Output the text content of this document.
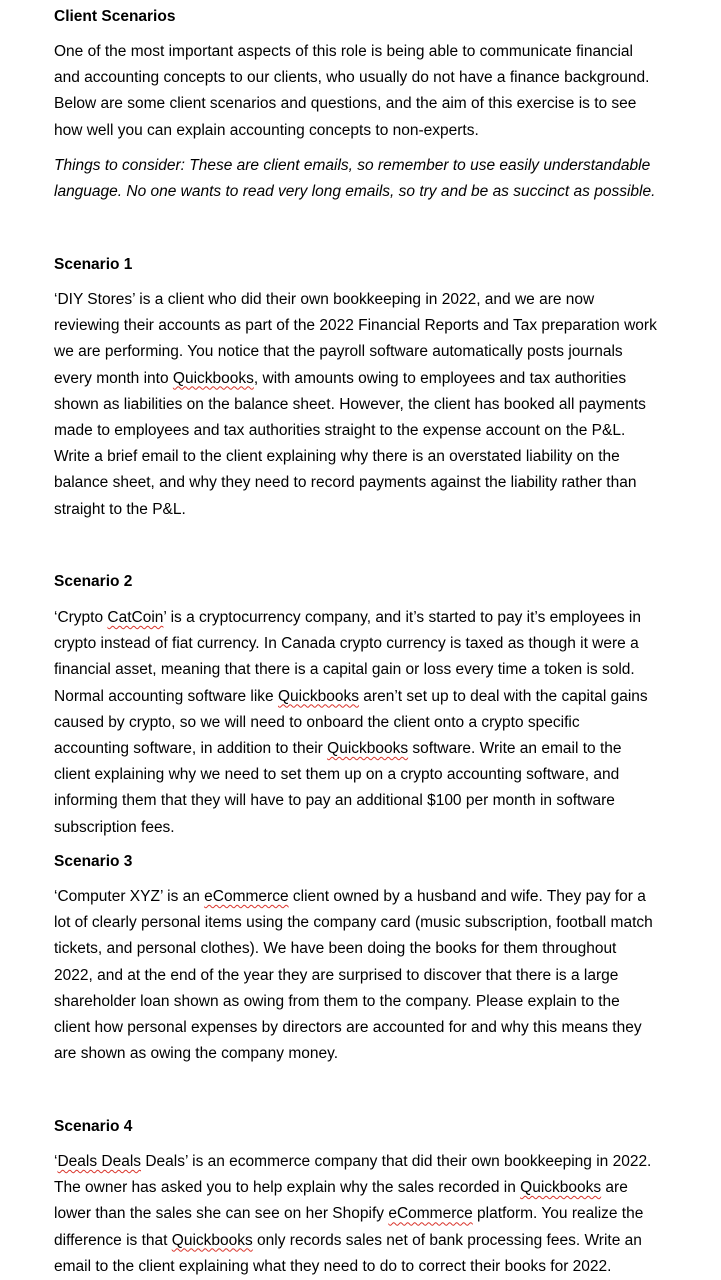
Client Scenarios

One of the most important aspects of this role is being able to communicate financial
and accounting concepts to our clients, who usually do not have a finance background.
Below are some client scenarios and questions, and the aim of this exercise is to see
how well you can explain accounting concepts to non-experts.

Things to consider: These are client emails, so remember to use easily understandable
language. No one wants to read very long emails, so try and be as succinct as possible.

Scenario 1

‘DIY Stores’ is a client who did their own bookkeeping in 2022, and we are now
reviewing their accounts as part of the 2022 Financial Reports and Tax preparation work
we are performing. You notice that the payroll software automatically posts journals
every month into Quickbooks, with amounts owing to employees and tax authorities
shown as liabilities on the balance sheet. However, the client has booked all payments
made to employees and tax authorities straight to the expense account on the P&L.
Write a brief email to the client explaining why there is an overstated liability on the
balance sheet, and why they need to record payments against the liability rather than
straight to the P&L.

Scenario 2

‘Crypto CatCoin’ is a cryptocurrency company, and it’s started to pay it’s employees in
crypto instead of fiat currency. In Canada crypto currency is taxed as though it were a
financial asset, meaning that there is a capital gain or loss every time a token is sold.
Normal accounting software like Quickbooks aren’t set up to deal with the capital gains
caused by crypto, so we will need to onboard the client onto a crypto specific
accounting software, in addition to their Quickbooks software. Write an email to the
client explaining why we need to set them up on a crypto accounting software, and
informing them that they will have to pay an additional $100 per month in software
subscription fees.

Scenario 3

‘Computer XYZ’ is an eCommerce client owned by a husband and wife. They pay for a
lot of clearly personal items using the company card (music subscription, football match
tickets, and personal clothes). We have been doing the books for them throughout
2022, and at the end of the year they are surprised to discover that there is a large
shareholder loan shown as owing from them to the company. Please explain to the
client how personal expenses by directors are accounted for and why this means they
are shown as owing the company money.

Scenario 4

‘Deals Deals Deals’ is an ecommerce company that did their own bookkeeping in 2022.
The owner has asked you to help explain why the sales recorded in Quickbooks are
lower than the sales she can see on her Shopify eCommerce platform. You realize the
difference is that Quickbooks only records sales net of bank processing fees. Write an
email to the client explaining what they need to do to correct their books for 2022.
